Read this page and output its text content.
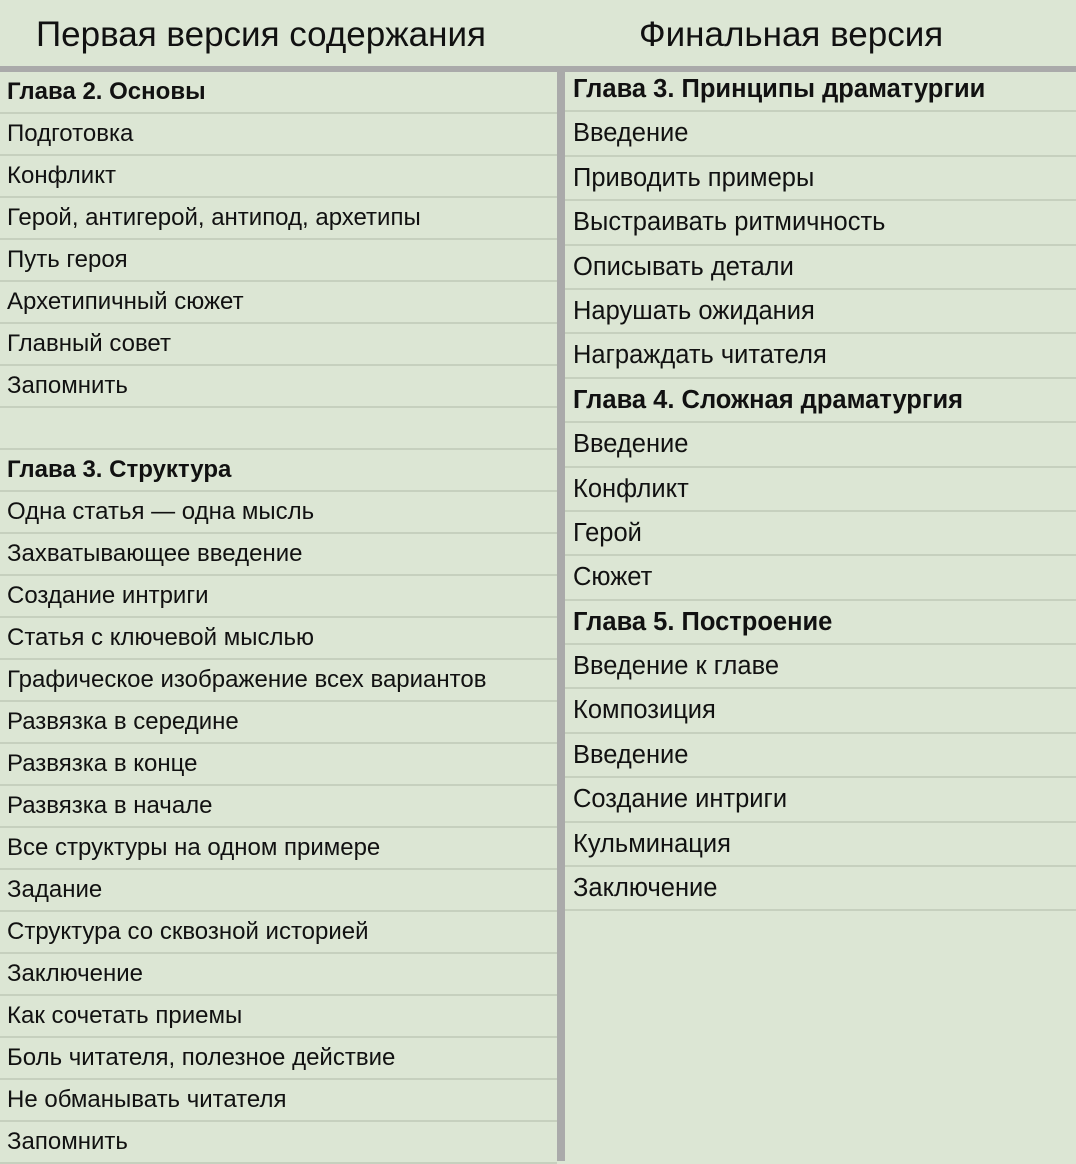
Первая версия содержания	Финальная версия
Глава 2. Основы
Подготовка
Конфликт
Герой, антигерой, антипод, архетипы
Путь героя
Архетипичный сюжет
Главный совет
Запомнить
Глава 3. Структура
Одна статья — одна мысль
Захватывающее введение
Создание интриги
Статья с ключевой мыслью
Графическое изображение всех вариантов
Развязка в середине
Развязка в конце
Развязка в начале
Все структуры на одном примере
Задание
Структура со сквозной историей
Заключение
Как сочетать приемы
Боль читателя, полезное действие
Не обманывать читателя
Запомнить
Глава 3. Принципы драматургии
Введение
Приводить примеры
Выстраивать ритмичность
Описывать детали
Нарушать ожидания
Награждать читателя
Глава 4. Сложная драматургия
Введение
Конфликт
Герой
Сюжет
Глава 5. Построение
Введение к главе
Композиция
Введение
Создание интриги
Кульминация
Заключение
